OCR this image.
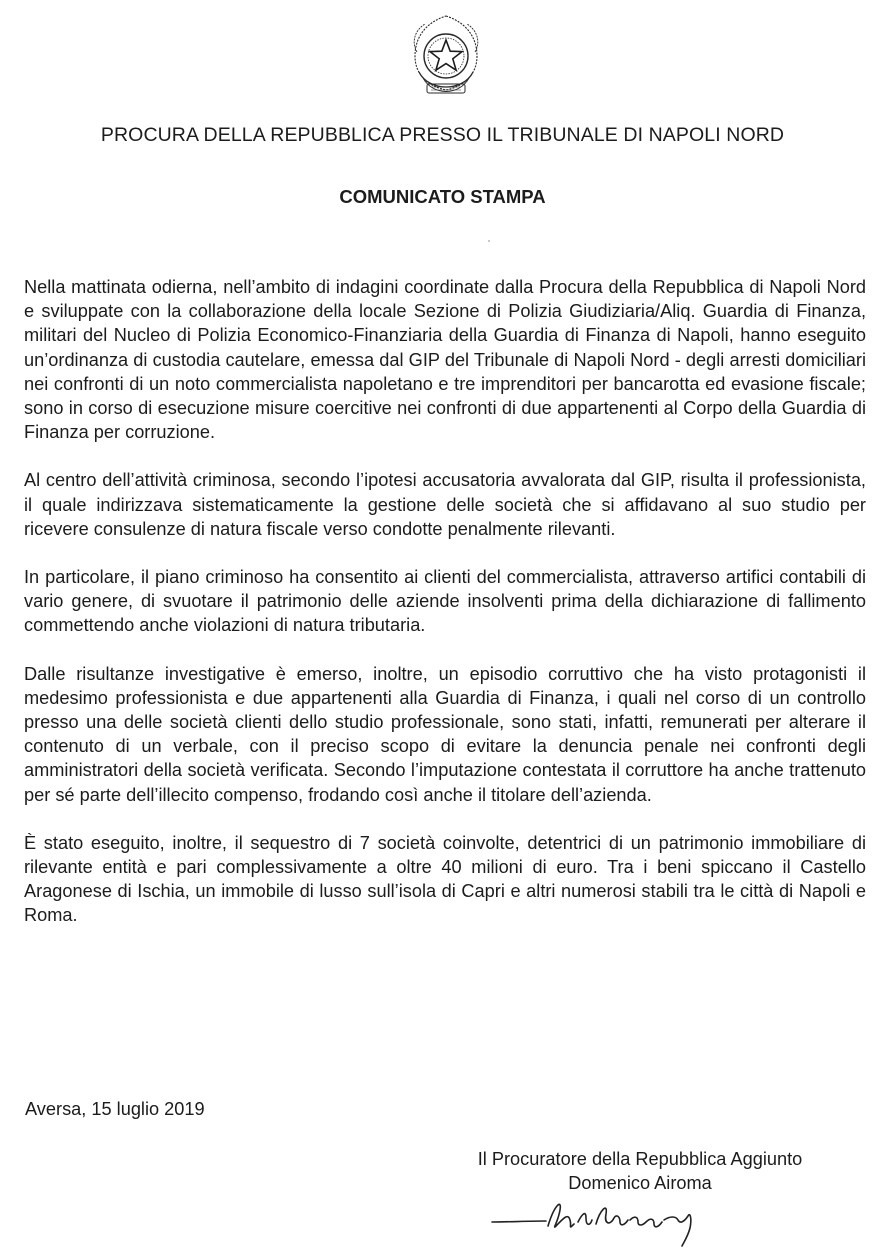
PROCURA DELLA REPUBBLICA PRESSO IL TRIBUNALE DI NAPOLI NORD
COMUNICATO STAMPA

Nella mattinata odierna, nell’ambito di indagini coordinate dalla Procura della Repubblica di Napoli Nord e sviluppate con la collaborazione della locale Sezione di Polizia Giudiziaria/Aliq. Guardia di Finanza, militari del Nucleo di Polizia Economico-Finanziaria della Guardia di Finanza di Napoli, hanno eseguito un’ordinanza di custodia cautelare, emessa dal GIP del Tribunale di Napoli Nord - degli arresti domiciliari nei confronti di un noto commercialista napoletano e tre imprenditori per bancarotta ed evasione fiscale; sono in corso di esecuzione misure coercitive nei confronti di due appartenenti al Corpo della Guardia di Finanza per corruzione.

Al centro dell’attività criminosa, secondo l’ipotesi accusatoria avvalorata dal GIP, risulta il professionista, il quale indirizzava sistematicamente la gestione delle società che si affidavano al suo studio per ricevere consulenze di natura fiscale verso condotte penalmente rilevanti.

In particolare, il piano criminoso ha consentito ai clienti del commercialista, attraverso artifici contabili di vario genere, di svuotare il patrimonio delle aziende insolventi prima della dichiarazione di fallimento commettendo anche violazioni di natura tributaria.

Dalle risultanze investigative è emerso, inoltre, un episodio corruttivo che ha visto protagonisti il medesimo professionista e due appartenenti alla Guardia di Finanza, i quali nel corso di un controllo presso una delle società clienti dello studio professionale, sono stati, infatti, remunerati per alterare il contenuto di un verbale, con il preciso scopo di evitare la denuncia penale nei confronti degli amministratori della società verificata. Secondo l’imputazione contestata il corruttore ha anche trattenuto per sé parte dell’illecito compenso, frodando così anche il titolare dell’azienda.

È stato eseguito, inoltre, il sequestro di 7 società coinvolte, detentrici di un patrimonio immobiliare di rilevante entità e pari complessivamente a oltre 40 milioni di euro. Tra i beni spiccano il Castello Aragonese di Ischia, un immobile di lusso sull’isola di Capri e altri numerosi stabili tra le città di Napoli e Roma.

Aversa, 15 luglio 2019

Il Procuratore della Repubblica Aggiunto
Domenico Airoma
